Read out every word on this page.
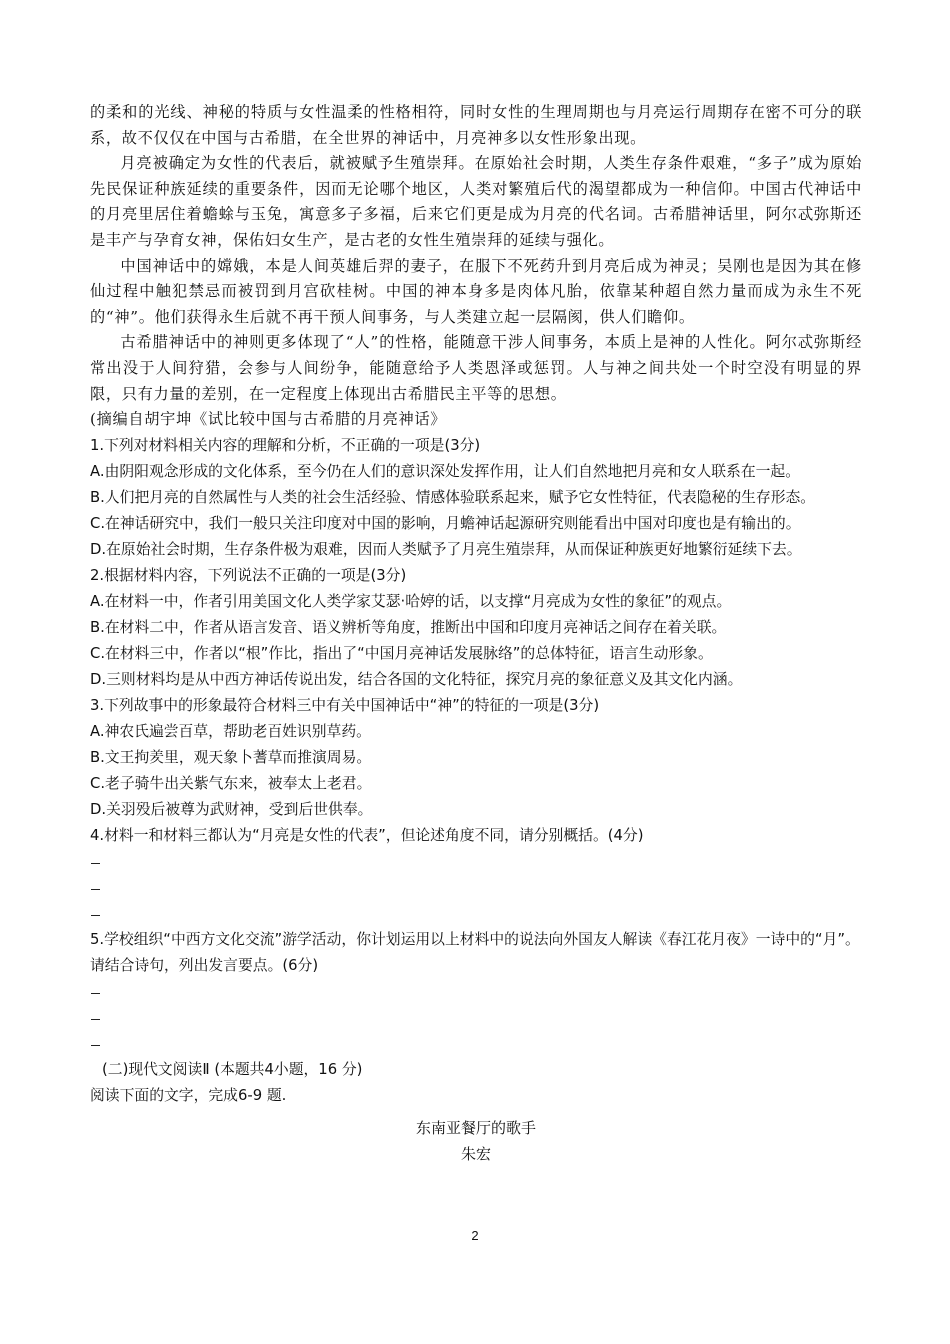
的柔和的光线、神秘的特质与女性温柔的性格相符，同时女性的生理周期也与月亮运行周期存在密不可分的联系，故不仅仅在中国与古希腊，在全世界的神话中，月亮神多以女性形象出现。

月亮被确定为女性的代表后，就被赋予生殖崇拜。在原始社会时期，人类生存条件艰难，“多子”成为原始先民保证种族延续的重要条件，因而无论哪个地区，人类对繁殖后代的渴望都成为一种信仰。中国古代神话中的月亮里居住着蟾蜍与玉兔，寓意多子多福，后来它们更是成为月亮的代名词。古希腊神话里，阿尔忒弥斯还是丰产与孕育女神，保佑妇女生产，是古老的女性生殖崇拜的延续与强化。

中国神话中的嫦娥，本是人间英雄后羿的妻子，在服下不死药升到月亮后成为神灵；吴刚也是因为其在修仙过程中触犯禁忌而被罚到月宫砍桂树。中国的神本身多是肉体凡胎，依靠某种超自然力量而成为永生不死的“神”。他们获得永生后就不再干预人间事务，与人类建立起一层隔阂，供人们瞻仰。

古希腊神话中的神则更多体现了“人”的性格，能随意干涉人间事务，本质上是神的人性化。阿尔忒弥斯经常出没于人间狩猎，会参与人间纷争，能随意给予人类恩泽或惩罚。人与神之间共处一个时空没有明显的界限，只有力量的差别，在一定程度上体现出古希腊民主平等的思想。

(摘编自胡宇坤《试比较中国与古希腊的月亮神话》

1.下列对材料相关内容的理解和分析，不正确的一项是(3分)
A.由阴阳观念形成的文化体系，至今仍在人们的意识深处发挥作用，让人们自然地把月亮和女人联系在一起。
B.人们把月亮的自然属性与人类的社会生活经验、情感体验联系起来，赋予它女性特征，代表隐秘的生存形态。
C.在神话研究中，我们一般只关注印度对中国的影响，月蟾神话起源研究则能看出中国对印度也是有输出的。
D.在原始社会时期，生存条件极为艰难，因而人类赋予了月亮生殖崇拜，从而保证种族更好地繁衍延续下去。
2.根据材料内容，下列说法不正确的一项是(3分)
A.在材料一中，作者引用美国文化人类学家艾瑟·哈婷的话，以支撑“月亮成为女性的象征”的观点。
B.在材料二中，作者从语言发音、语义辨析等角度，推断出中国和印度月亮神话之间存在着关联。
C.在材料三中，作者以“根”作比，指出了“中国月亮神话发展脉络”的总体特征，语言生动形象。
D.三则材料均是从中西方神话传说出发，结合各国的文化特征，探究月亮的象征意义及其文化内涵。
3.下列故事中的形象最符合材料三中有关中国神话中“神”的特征的一项是(3分)
A.神农氏遍尝百草，帮助老百姓识别草药。
B.文王拘羑里，观天象卜蓍草而推演周易。
C.老子骑牛出关紫气东来，被奉太上老君。
D.关羽殁后被尊为武财神，受到后世供奉。
4.材料一和材料三都认为“月亮是女性的代表”，但论述角度不同，请分别概括。(4分)
5.学校组织“中西方文化交流”游学活动，你计划运用以上材料中的说法向外国友人解读《春江花月夜》一诗中的“月”。请结合诗句，列出发言要点。(6分)
(二)现代文阅读Ⅱ (本题共4小题，16 分)
阅读下面的文字，完成6-9 题.
东南亚餐厅的歌手
朱宏
2
